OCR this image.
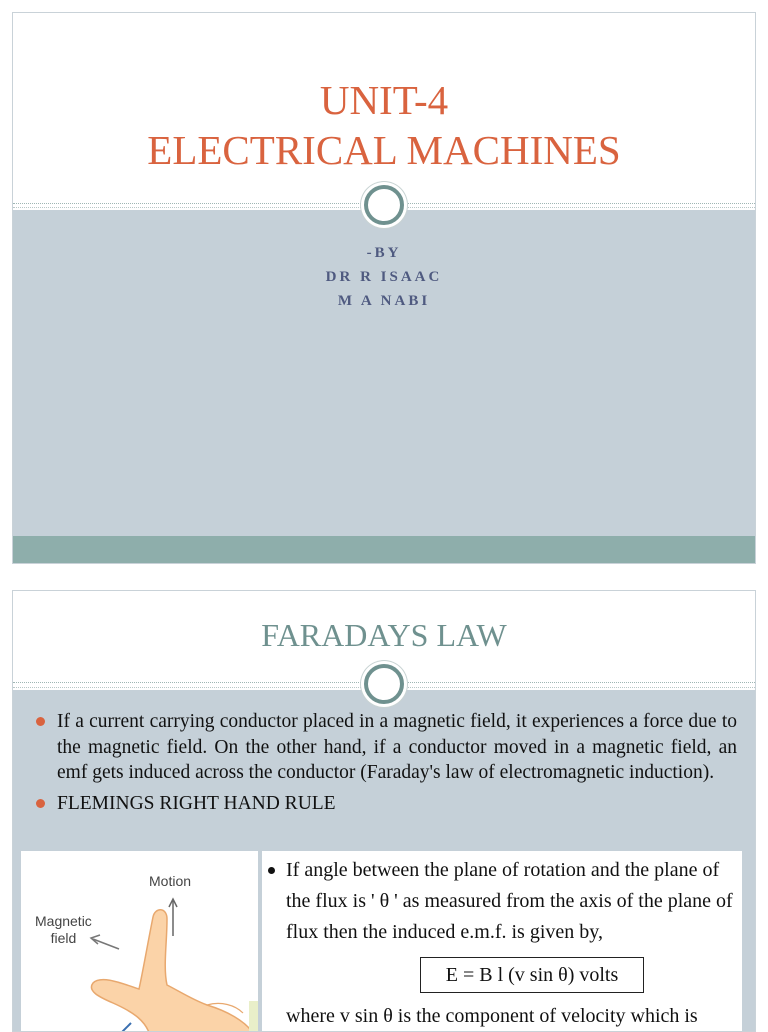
UNIT-4
ELECTRICAL MACHINES
-BY
DR R ISAAC
M A NABI
FARADAYS LAW
If a current carrying conductor placed in a magnetic field, it experiences a force due to the magnetic field. On the other hand, if a conductor moved in a magnetic field, an emf gets induced across the conductor (Faraday's law of electromagnetic induction).
FLEMINGS RIGHT HAND RULE
Motion
Magnetic
field
If angle between the plane of rotation and the plane of the flux is ' θ ' as measured from the axis of the plane of flux then the induced e.m.f. is given by,
E = B l (v sin θ) volts
where v sin θ is the component of velocity which is
